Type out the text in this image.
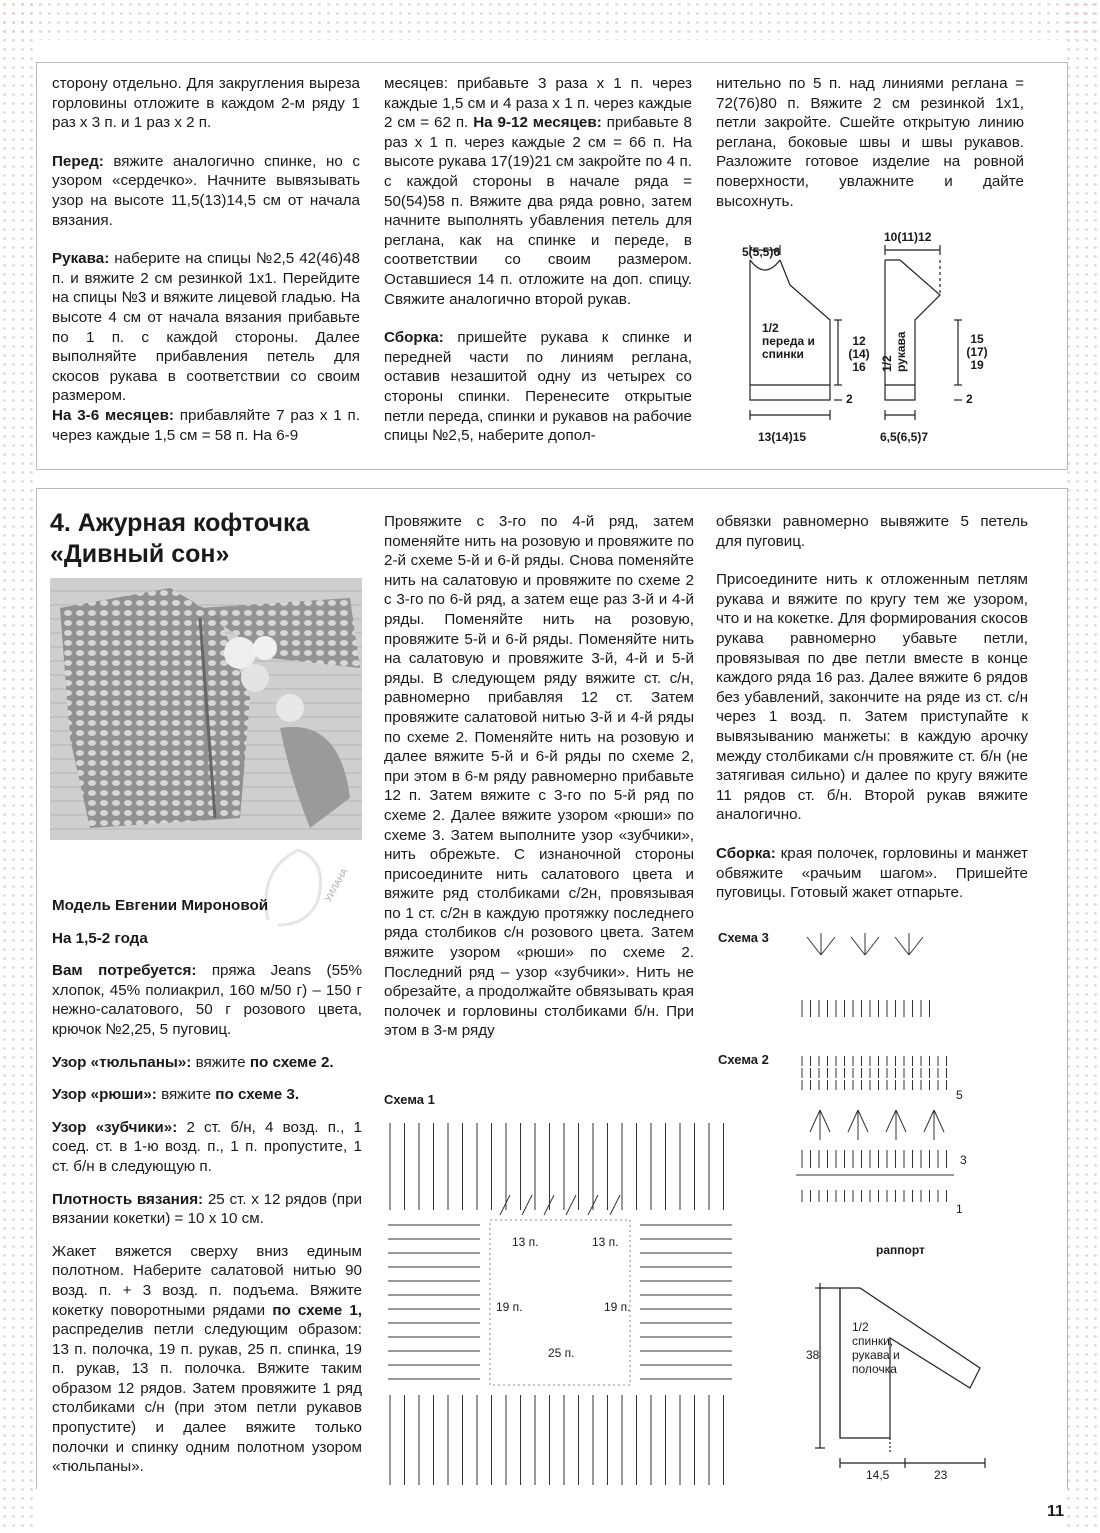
сторону отдельно. Для закругления выреза горловины отложите в каждом 2-м ряду 1 раз х 3 п. и 1 раз х 2 п.

Перед: вяжите аналогично спинке, но с узором «сердечко». Начните вывязывать узор на высоте 11,5(13)14,5 см от начала вязания.

Рукава: наберите на спицы №2,5 42(46)48 п. и вяжите 2 см резинкой 1х1. Перейдите на спицы №3 и вяжите лицевой гладью. На высоте 4 см от начала вязания прибавьте по 1 п. с каждой стороны. Далее выполняйте прибавления петель для скосов рукава в соответствии со своим размером.

На 3-6 месяцев: прибавляйте 7 раз х 1 п. через каждые 1,5 см = 58 п. На 6-9

месяцев: прибавьте 3 раза х 1 п. через каждые 1,5 см и 4 раза х 1 п. через каждые 2 см = 62 п. На 9-12 месяцев: прибавьте 8 раз х 1 п. через каждые 2 см = 66 п. На высоте рукава 17(19)21 см закройте по 4 п. с каждой стороны в начале ряда = 50(54)58 п. Вяжите два ряда ровно, затем начните выполнять убавления петель для реглана, как на спинке и переде, в соответствии со своим размером. Оставшиеся 14 п. отложите на доп. спицу. Свяжите аналогично второй рукав.

Сборка: пришейте рукава к спинке и передней части по линиям реглана, оставив незашитой одну из четырех со стороны спинки. Перенесите открытые петли переда, спинки и рукавов на рабочие спицы №2,5, наберите допол-

нительно по 5 п. над линиями реглана = 72(76)80 п. Вяжите 2 см резинкой 1х1, петли закройте. Сшейте открытую линию реглана, боковые швы и швы рукавов. Разложите готовое изделие на ровной поверхности, увлажните и дайте высохнуть.

5(5,5)6
1/2 переда и спинки
12 (14) 16
2
13(14)15
10(11)12
1/2 рукава	15 (17) 19
2
6,5(6,5)7
4. Ажурная кофточка
«Дивный сон»
УИЛАНА

Модель Евгении Мироновой

На 1,5-2 года

Вам потребуется: пряжа Jeans (55% хлопок, 45% полиакрил, 160 м/50 г) – 150 г нежно-салатового, 50 г розового цвета, крючок №2,25, 5 пуговиц.

Узор «тюльпаны»: вяжите по схеме 2.

Узор «рюши»: вяжите по схеме 3.

Узор «зубчики»: 2 ст. б/н, 4 возд. п., 1 соед. ст. в 1-ю возд. п., 1 п. пропустите, 1 ст. б/н в следующую п.

Плотность вязания: 25 ст. х 12 рядов (при вязании кокетки) = 10 х 10 см.

Жакет вяжется сверху вниз единым полотном. Наберите салатовой нитью 90 возд. п. + 3 возд. п. подъема. Вяжите кокетку поворотными рядами по схеме 1, распределив петли следующим образом: 13 п. полочка, 19 п. рукав, 25 п. спинка, 19 п. рукав, 13 п. полочка. Вяжите таким образом 12 рядов. Затем провяжите 1 ряд столбиками с/н (при этом петли рукавов пропустите) и далее вяжите только полочки и спинку одним полотном узором «тюльпаны».

Провяжите с 3-го по 4-й ряд, затем поменяйте нить на розовую и провяжите по 2-й схеме 5-й и 6-й ряды. Снова поменяйте нить на салатовую и провяжите по схеме 2 с 3-го по 6-й ряд, а затем еще раз 3-й и 4-й ряды. Поменяйте нить на розовую, провяжите 5-й и 6-й ряды. Поменяйте нить на салатовую и провяжите 3-й, 4-й и 5-й ряды. В следующем ряду вяжите ст. с/н, равномерно прибавляя 12 ст. Затем провяжите салатовой нитью 3-й и 4-й ряды по схеме 2. Поменяйте нить на розовую и далее вяжите 5-й и 6-й ряды по схеме 2, при этом в 6-м ряду равномерно прибавьте 12 п. Затем вяжите с 3-го по 5-й ряд по схеме 2. Далее вяжите узором «рюши» по схеме 3. Затем выполните узор «зубчики», нить обрежьте. С изнаночной стороны присоедините нить салатового цвета и вяжите ряд столбиками с/2н, провязывая по 1 ст. с/2н в каждую протяжку последнего ряда столбиков с/н розового цвета. Затем вяжите узором «рюши» по схеме 2. Последний ряд – узор «зубчики». Нить не обрезайте, а продолжайте обвязывать края полочек и горловины столбиками б/н. При этом в 3-м ряду

обвязки равномерно вывяжите 5 петель для пуговиц.

Присоедините нить к отложенным петлям рукава и вяжите по кругу тем же узором, что и на кокетке. Для формирования скосов рукава равномерно убавьте петли, провязывая по две петли вместе в конце каждого ряда 16 раз. Далее вяжите 6 рядов без убавлений, закончите на ряде из ст. с/н через 1 возд. п. Затем приступайте к вывязыванию манжеты: в каждую арочку между столбиками с/н провяжите ст. б/н (не затягивая сильно) и далее по кругу вяжите 11 рядов ст. б/н. Второй рукав вяжите аналогично.

Сборка: края полочек, горловины и манжет обвяжите «рачьим шагом». Пришейте пуговицы. Готовый жакет отпарьте.

Схема 1
13 п.	13 п.
19 п.	19 п.
25 п.
Схема 3
Схема 2
5
3
1
раппорт
1/2 спинки, рукава и полочка
38
14,5	23
11
